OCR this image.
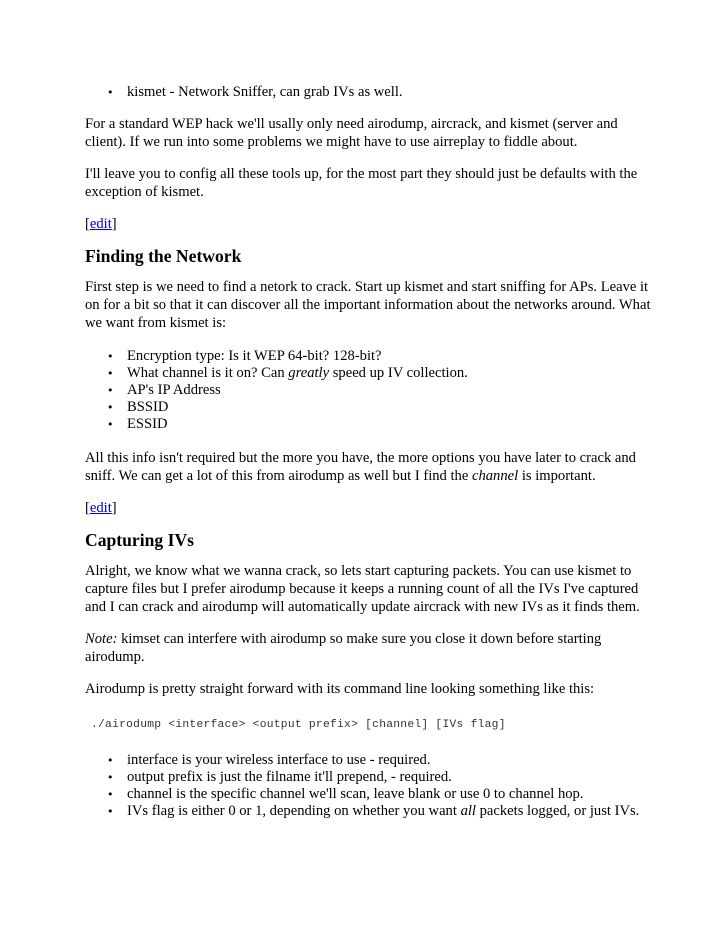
• kismet - Network Sniffer, can grab IVs as well.

For a standard WEP hack we'll usally only need airodump, aircrack, and kismet (server and client). If we run into some problems we might have to use airreplay to fiddle about.

I'll leave you to config all these tools up, for the most part they should just be defaults with the exception of kismet.

[edit]

Finding the Network

First step is we need to find a netork to crack. Start up kismet and start sniffing for APs. Leave it on for a bit so that it can discover all the important information about the networks around. What we want from kismet is:

• Encryption type: Is it WEP 64-bit? 128-bit?
• What channel is it on? Can greatly speed up IV collection.
• AP's IP Address
• BSSID
• ESSID

All this info isn't required but the more you have, the more options you have later to crack and sniff. We can get a lot of this from airodump as well but I find the channel is important.

[edit]

Capturing IVs

Alright, we know what we wanna crack, so lets start capturing packets. You can use kismet to capture files but I prefer airodump because it keeps a running count of all the IVs I've captured and I can crack and airodump will automatically update aircrack with new IVs as it finds them.

Note: kimset can interfere with airodump so make sure you close it down before starting airodump.

Airodump is pretty straight forward with its command line looking something like this:

./airodump <interface> <output prefix> [channel] [IVs flag]

• interface is your wireless interface to use - required.
• output prefix is just the filname it'll prepend, - required.
• channel is the specific channel we'll scan, leave blank or use 0 to channel hop.
• IVs flag is either 0 or 1, depending on whether you want all packets logged, or just IVs.
